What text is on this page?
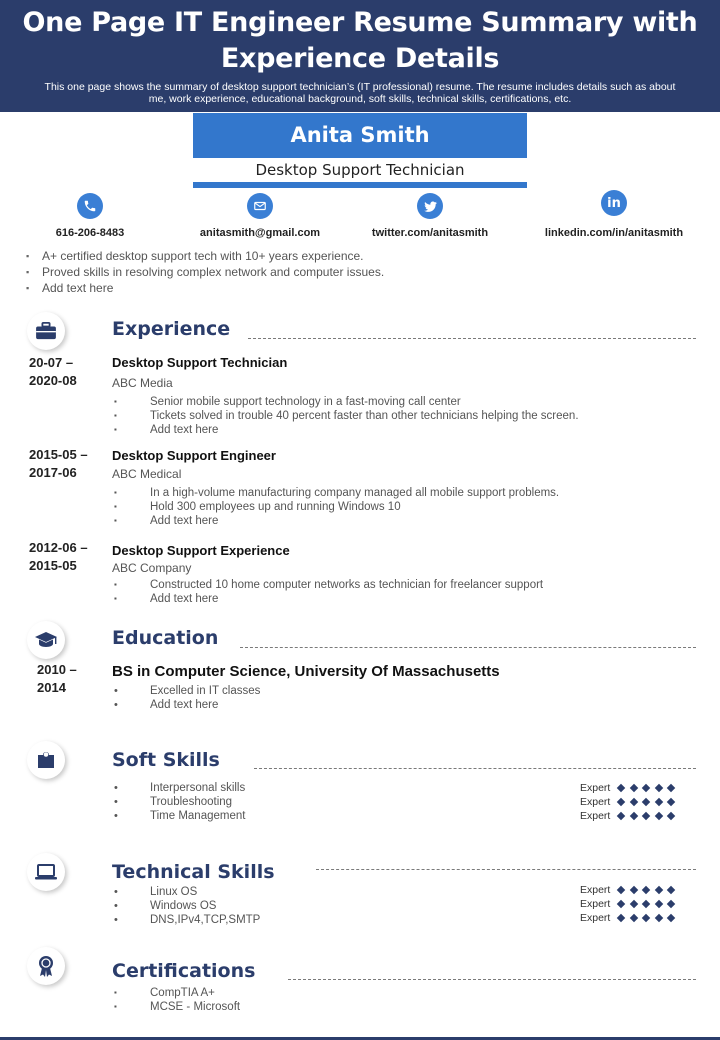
One Page IT Engineer Resume Summary with Experience Details
This one page shows the summary of desktop support technician’s (IT professional) resume. The resume includes details such as about me, work experience, educational background, soft skills, technical skills, certifications, etc.
Anita Smith
Desktop Support Technician
616-206-8483	anitasmith@gmail.com	twitter.com/anitasmith
in
linkedin.com/in/anitasmith
▪ A+ certified desktop support tech with 10+ years experience.
▪ Proved skills in resolving complex network and computer issues.
▪ Add text here
Experience
20-07 –
2020-08
Desktop Support Technician
ABC Media
▪ Senior mobile support technology in a fast-moving call center
▪ Tickets solved in trouble 40 percent faster than other technicians helping the screen.
▪ Add text here
2015-05 –
2017-06
Desktop Support Engineer
ABC Medical
▪ In a high-volume manufacturing company managed all mobile support problems.
▪ Hold 300 employees up and running Windows 10
▪ Add text here
2012-06 –
2015-05
Desktop Support Experience
ABC Company
▪ Constructed 10 home computer networks as technician for freelancer support
▪ Add text here
Education
2010 –
2014
BS in Computer Science, University Of Massachusetts
• Excelled in IT classes
• Add text here
Soft Skills
• Interpersonal skills
• Troubleshooting
• Time Management
Expert
Expert
Expert
Technical Skills
• Linux OS
• Windows OS
• DNS,IPv4,TCP,SMTP
Expert
Expert
Expert
Certifications
▪ CompTIA A+
▪ MCSE - Microsoft
